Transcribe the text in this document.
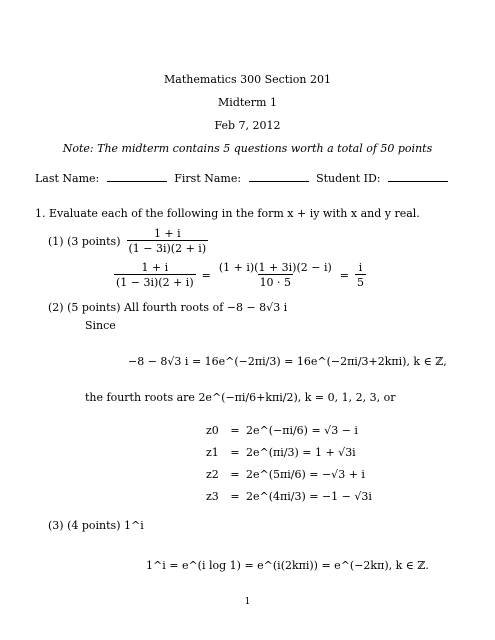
Mathematics 300 Section 201
Midterm 1
Feb 7, 2012
Note: The midterm contains 5 questions worth a total of 50 points
Last Name:	First Name:	Student ID:
1. Evaluate each of the following in the form x + iy with x and y real.
(1) (3 points) $\frac{1 + i}{(1 - 3i)(2 + i)}$
$\frac{1 + i}{(1 - 3i)(2 + i)} = \frac{(1 + i)(1 + 3i)(2 - i)}{10 \cdot 5} = \frac{i}{5}$
(2) (5 points) All fourth roots of −8 − 8√3 i
Since
−8 − 8√3 i = 16e^(−2πi/3) = 16e^(−2πi/3+2kπi), k ∈ ℤ,
the fourth roots are 2e^(−πi/6+kπi/2), k = 0, 1, 2, 3, or
z0	=	2e^(−πi/6) = √3 − i
z1	=	2e^(πi/3) = 1 + √3i
z2	=	2e^(5πi/6) = −√3 + i
z3	=	2e^(4πi/3) = −1 − √3i
(3) (4 points) 1^i
1^i = e^(i log 1) = e^(i(2kπi)) = e^(−2kπ), k ∈ ℤ.
1
